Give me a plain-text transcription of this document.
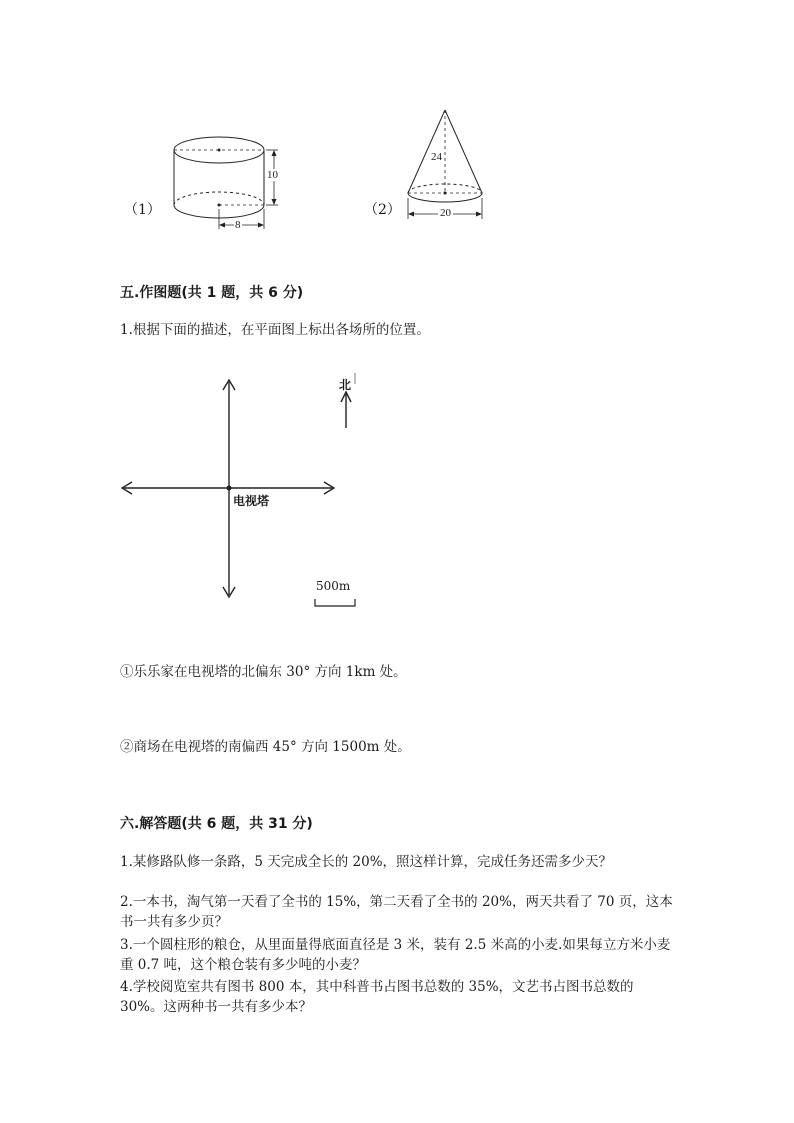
（1）
10
8
（2）
24
20
五.作图题(共 1 题，共 6 分)
1.根据下面的描述，在平面图上标出各场所的位置。
电视塔
北
500m
①乐乐家在电视塔的北偏东 30° 方向 1km 处。
②商场在电视塔的南偏西 45° 方向 1500m 处。
六.解答题(共 6 题，共 31 分)
1.某修路队修一条路，5 天完成全长的 20%，照这样计算，完成任务还需多少天？
2.一本书，淘气第一天看了全书的 15%，第二天看了全书的 20%，两天共看了 70 页，这本书一共有多少页？
3.一个圆柱形的粮仓，从里面量得底面直径是 3 米，装有 2.5 米高的小麦.如果每立方米小麦重 0.7 吨，这个粮仓装有多少吨的小麦？
4.学校阅览室共有图书 800 本，其中科普书占图书总数的 35%，文艺书占图书总数的 30%。这两种书一共有多少本？
